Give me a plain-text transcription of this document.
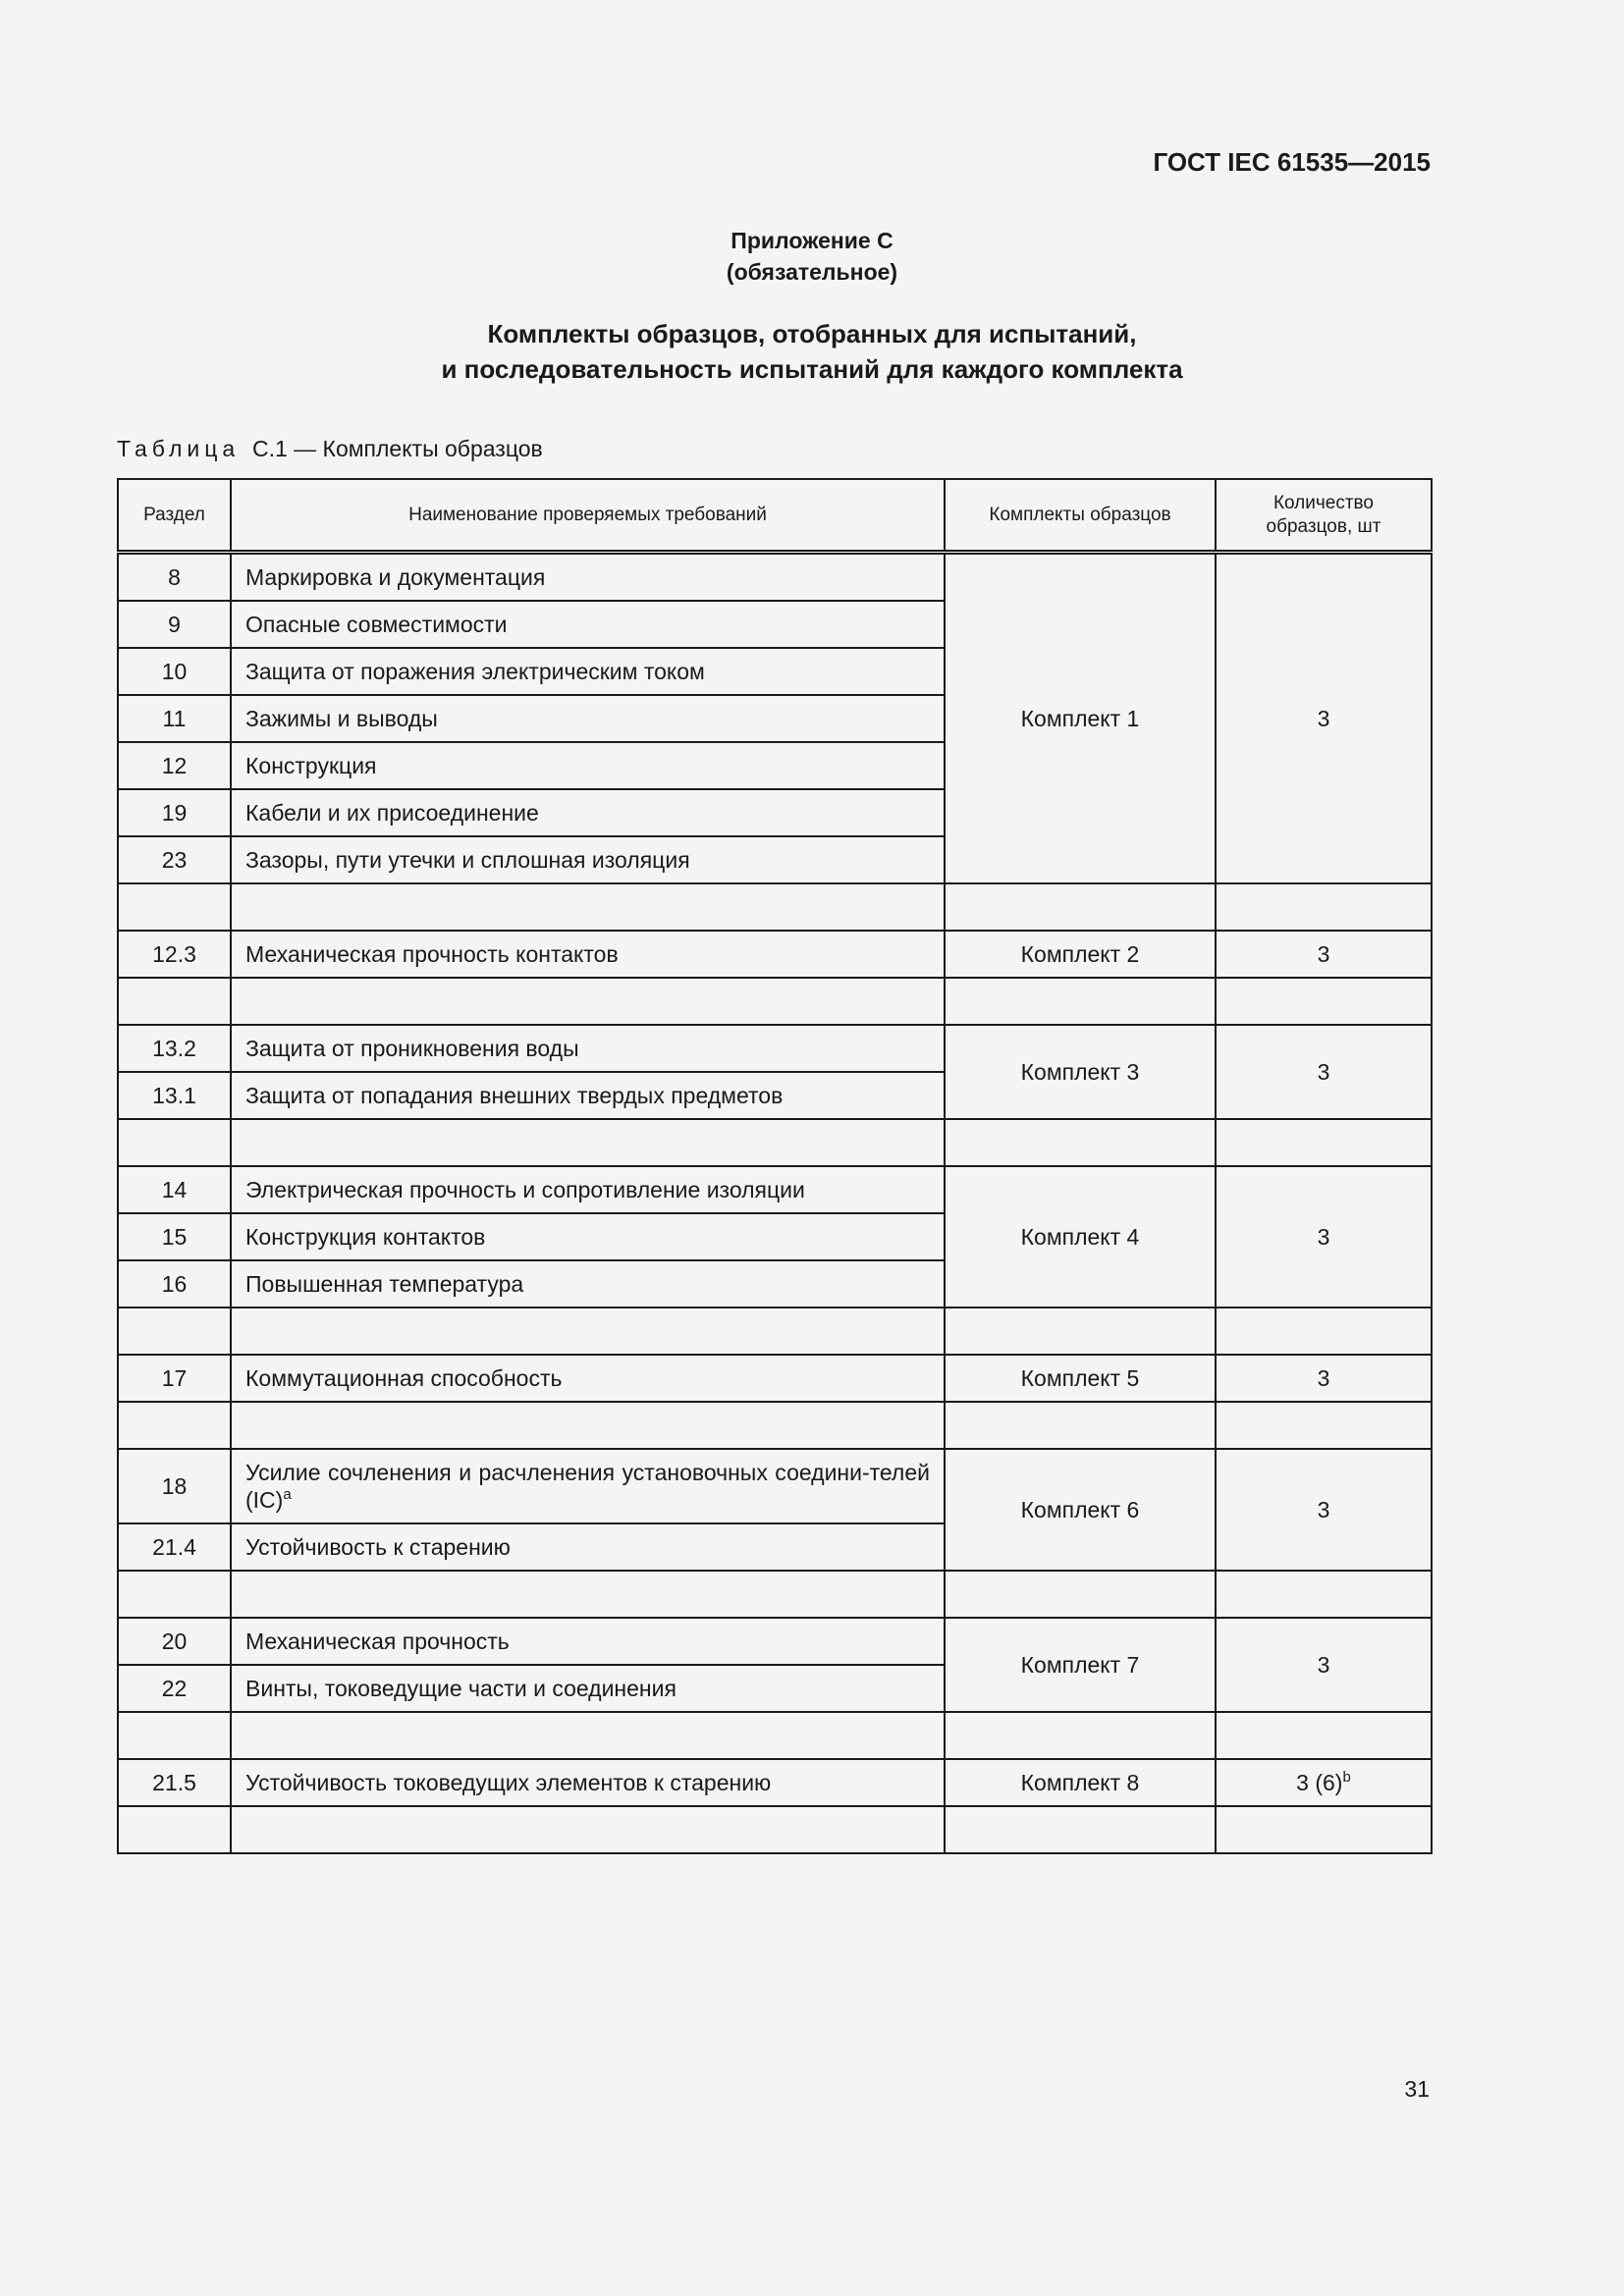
ГОСТ IEC 61535—2015
Приложение С
(обязательное)
Комплекты образцов, отобранных для испытаний,
и последовательность испытаний для каждого комплекта
Таблица С.1 — Комплекты образцов
Раздел	Наименование проверяемых требований	Комплекты образцов	Количество образцов, шт
8	Маркировка и документация	Комплект 1	3
9	Опасные совместимости		
10	Защита от поражения электрическим током		
11	Зажимы и выводы		
12	Конструкция		
19	Кабели и их присоединение		
23	Зазоры, пути утечки и сплошная изоляция		

12.3	Механическая прочность контактов	Комплект 2	3

13.2	Защита от проникновения воды	Комплект 3	3
13.1	Защита от попадания внешних твердых предметов		

14	Электрическая прочность и сопротивление изоляции	Комплект 4	3
15	Конструкция контактов		
16	Повышенная температура		

17	Коммутационная способность	Комплект 5	3

18	Усилие сочленения и расчленения установочных соедини-телей (IC)$^a$	Комплект 6	3
21.4	Устойчивость к старению		

20	Механическая прочность	Комплект 7	3
22	Винты, токоведущие части и соединения		

21.5	Устойчивость токоведущих элементов к старению	Комплект 8	3 $(6)^b$

31
